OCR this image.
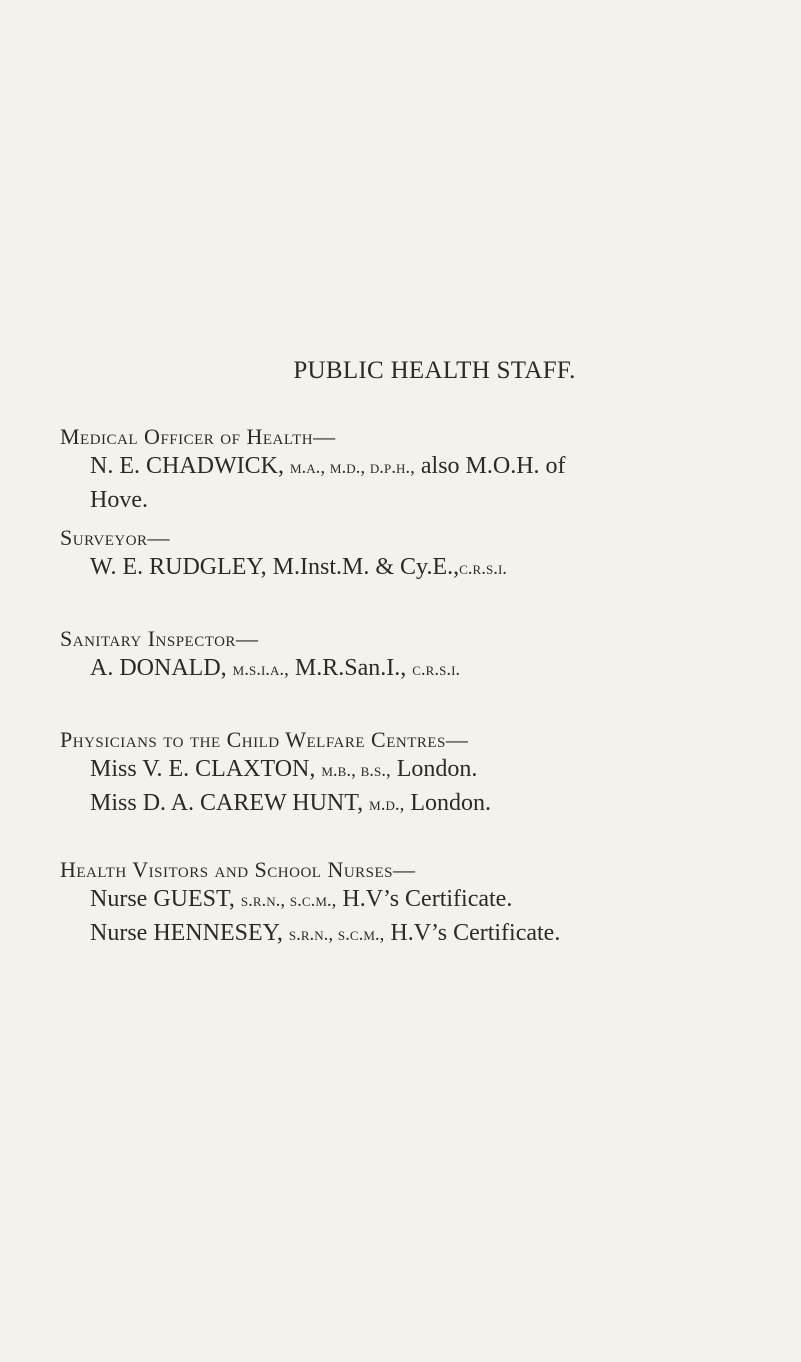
PUBLIC HEALTH STAFF.
Medical Officer of Health—
N. E. CHADWICK, m.a., m.d., d.p.h., also M.O.H. of
Hove.
Surveyor—
W. E. RUDGLEY, M.Inst.M. & Cy.E.,c.r.s.i.
Sanitary Inspector—
A. DONALD, m.s.i.a., M.R.San.I., c.r.s.i.
Physicians to the Child Welfare Centres—
Miss V. E. CLAXTON, m.b., b.s., London.
Miss D. A. CAREW HUNT, m.d., London.
Health Visitors and School Nurses—
Nurse GUEST, s.r.n., s.c.m., H.V’s Certificate.
Nurse HENNESEY, s.r.n., s.c.m., H.V’s Certificate.
